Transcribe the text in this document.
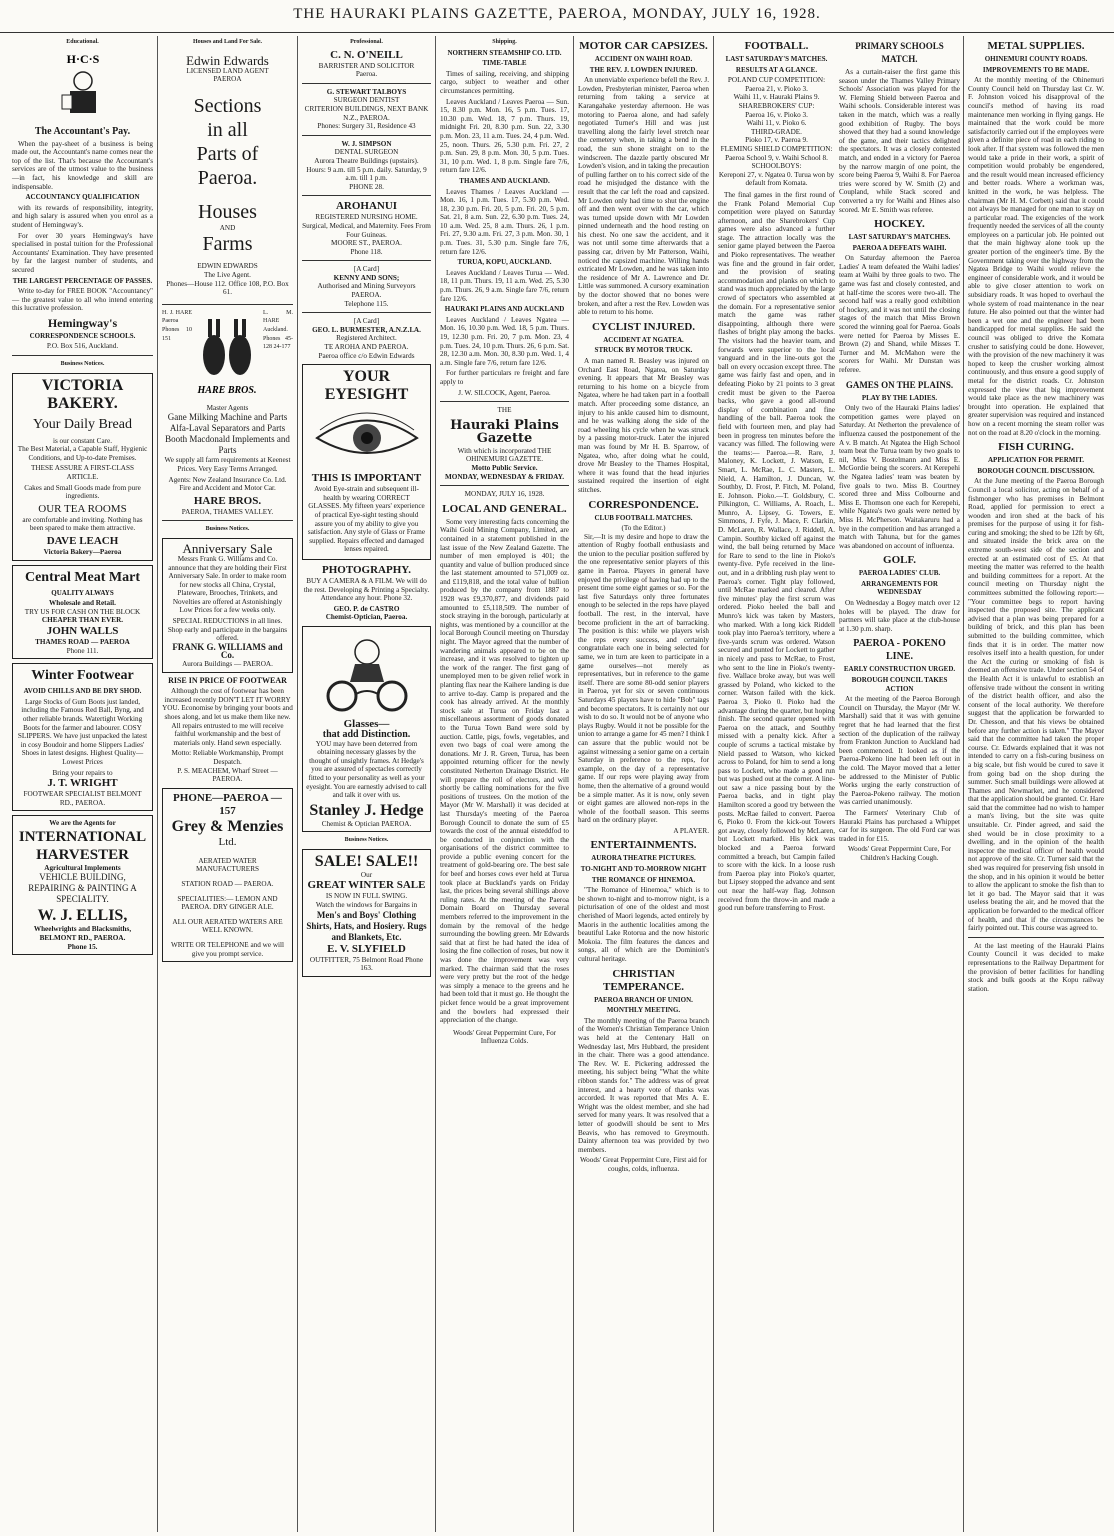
THE HAURAKI PLAINS GAZETTE, PAEROA, MONDAY, JULY 16, 1928.
Educational.
H·C·S
The Accountant's Pay.

When the pay-sheet of a business is being made out, the Accountant's name comes near the top of the list. That's because the Accountant's services are of the utmost value to the business—in fact, his knowledge and skill are indispensable.

ACCOUNTANCY QUALIFICATION

with its rewards of responsibility, integrity, and high salary is assured when you enrol as a student of Hemingway's.

For over 30 years Hemingway's have specialised in postal tuition for the Professional Accountants' Examination. They have presented by far the largest number of students, and secured

THE LARGEST PERCENTAGE OF PASSES.

Write to-day for FREE BOOK "Accountancy" — the greatest value to all who intend entering this lucrative profession.

Hemingway's
CORRESPONDENCE SCHOOLS.
P.O. Box 516, Auckland.
Business Notices.
VICTORIA BAKERY.
Your Daily Bread
is our constant Care.

The Best Material, a Capable Staff, Hygienic Conditions, and Up-to-date Premises.

THESE ASSURE A FIRST-CLASS ARTICLE.

Cakes and Small Goods made from pure ingredients.

OUR TEA ROOMS

are comfortable and inviting. Nothing has been spared to make them attractive.

DAVE LEACH
Victoria Bakery—Paeroa
Central Meat Mart
QUALITY ALWAYS
Wholesale and Retail.
TRY US FOR CASH ON THE BLOCK
CHEAPER THAN EVER.
JOHN WALLS
THAMES ROAD — PAEROA
Phone 111.
Winter Footwear
AVOID CHILLS AND BE DRY SHOD.

Large Stocks of Gum Boots just landed, including the Famous Red Ball, Byng, and other reliable brands. Watertight Working Boots for the farmer and labourer. COSY SLIPPERS. We have just unpacked the latest in cosy Boudoir and home Slippers Ladies' Shoes in latest designs. Highest Quality—Lowest Prices

Bring your repairs to
J. T. WRIGHT
FOOTWEAR SPECIALIST BELMONT RD., PAEROA.
We are the Agents for
INTERNATIONAL HARVESTER
Agricultural Implements

VEHICLE BUILDING, REPAIRING & PAINTING A SPECIALITY.

W. J. ELLIS,
Wheelwrights and Blacksmiths,
BELMONT RD., PAEROA.
Phone 15.
Houses and Land For Sale.
Edwin Edwards
LICENSED LAND AGENT
PAEROA
Sections
in all
Parts of Paeroa.
Houses
AND
Farms
EDWIN EDWARDS
The Live Agent.
Phones—House 112. Office 108, P.O. Box 61.
H. J. HARE Paeroa Phones 10 151
HARE BROS.
L. M. HARE Auckland. Phones 45-128 24-177
Master Agents
Gane Milking Machine and Parts
Alfa-Laval Separators and Parts
Booth Macdonald Implements and Parts

We supply all farm requirements at Keenest Prices. Very Easy Terms Arranged.

Agents: New Zealand Insurance Co. Ltd. Fire and Accident and Motor Car.

HARE BROS.
PAEROA, THAMES VALLEY.
Business Notices.
Anniversary Sale

Messrs Frank G. Williams and Co. announce that they are holding their First Anniversary Sale. In order to make room for new stocks all China, Crystal, Plateware, Brooches, Trinkets, and Novelties are offered at Astonishingly Low Prices for a few weeks only.

SPECIAL REDUCTIONS in all lines.
Shop early and participate in the bargains offered.
FRANK G. WILLIAMS and Co.
Aurora Buildings — PAEROA.
RISE IN PRICE OF FOOTWEAR

Although the cost of footwear has been increased recently DON'T LET IT WORRY YOU. Economise by bringing your boots and shoes along, and let us make them like new. All repairs entrusted to me will receive faithful workmanship and the best of materials only. Hand sewn especially.

Motto: Reliable Workmanship, Prompt Despatch.
P. S. MEACHEM, Wharf Street — PAEROA.
PHONE—PAEROA — 157
Grey & Menzies
Ltd.
AERATED WATER MANUFACTURERS
STATION ROAD — PAEROA.
SPECIALITIES:— LEMON AND PAEROA. DRY GINGER ALE.
ALL OUR AERATED WATERS ARE WELL KNOWN.
WRITE OR TELEPHONE and we will give you prompt service.
Professional.
C. N. O'NEILL
BARRISTER AND SOLICITOR
Paeroa.
G. STEWART TALBOYS
SURGEON DENTIST
CRITERION BUILDINGS, NEXT BANK N.Z., PAEROA.
Phones: Surgery 31, Residence 43
W. J. SIMPSON
DENTAL SURGEON
Aurora Theatre Buildings (upstairs).
Hours: 9 a.m. till 5 p.m. daily. Saturday, 9 a.m. till 1 p.m.
PHONE 28.
AROHANUI
REGISTERED NURSING HOME.
Surgical, Medical, and Maternity. Fees From Four Guineas.
MOORE ST., PAEROA.
Phone 118.
[A Card]
KENNY AND SONS;
Authorised and Mining Surveyors PAEROA.
Telephone 115.
[A Card]
GEO. L. BURMESTER, A.N.Z.I.A.
Registered Architect.
TE AROHA AND PAEROA.
Paeroa office c/o Edwin Edwards
YOUR EYESIGHT
THIS IS IMPORTANT

Avoid Eye-strain and subsequent ill-health by wearing CORRECT GLASSES. My fifteen years' experience of practical Eye-sight testing should assure you of my ability to give you satisfaction. Any style of Glass or Frame supplied. Repairs effected and damaged lenses repaired.

PHOTOGRAPHY.

BUY A CAMERA & A FILM. We will do the rest. Developing & Printing a Specialty. Attendance any hour. Phone 32.

GEO. P. de CASTRO
Chemist-Optician, Paeroa.
Glasses—
that add Distinction.

YOU may have been deterred from obtaining necessary glasses by the thought of unsightly frames. At Hedge's you are assured of spectacles correctly fitted to your personality as well as your eyesight. You are earnestly advised to call and talk it over with us.

Stanley J. Hedge
Chemist & Optician PAEROA.
Business Notices.
SALE! SALE!!
Our
GREAT WINTER SALE
IS NOW IN FULL SWING.
Watch the windows for Bargains in
Men's and Boys' Clothing Shirts, Hats, and Hosiery. Rugs and Blankets, Etc.
E. V. SLYFIELD
OUTFITTER, 75 Belmont Road Phone 163.
Shipping.
NORTHERN STEAMSHIP CO. LTD.
TIME-TABLE

Times of sailing, receiving, and shipping cargo, subject to weather and other circumstances permitting.

Leaves Auckland / Leaves Paeroa — Sun. 15, 8.30 p.m. Mon. 16, 5 p.m. Tues. 17, 10.30 p.m. Wed. 18, 7 p.m. Thurs. 19, midnight Fri. 20, 8.30 p.m. Sun. 22, 3.30 p.m. Mon. 23, 11 a.m. Tues. 24, 4 p.m. Wed. 25, noon. Thurs. 26, 5.30 p.m. Fri. 27, 2 p.m. Sun. 29, 8 p.m. Mon. 30, 5 p.m. Tues. 31, 10 p.m. Wed. 1, 8 p.m. Single fare 7/6, return fare 12/6.

THAMES AND AUCKLAND.

Leaves Thames / Leaves Auckland — Mon. 16, 1 p.m. Tues. 17, 5.30 p.m. Wed. 18, 2.30 p.m. Fri. 20, 5 p.m. Fri. 20, 5 p.m. Sat. 21, 8 a.m. Sun. 22, 6.30 p.m. Tues. 24, 10 a.m. Wed. 25, 8 a.m. Thurs. 26, 1 p.m. Fri. 27, 9.30 a.m. Fri. 27, 3 p.m. Mon. 30, 1 p.m. Tues. 31, 5.30 p.m. Single fare 7/6, return fare 12/6.

TURUA, KOPU, AUCKLAND.

Leaves Auckland / Leaves Turua — Wed. 18, 11 p.m. Thurs. 19, 11 a.m. Wed. 25, 5.30 p.m. Thurs. 26, 9 a.m. Single fare 7/6, return fare 12/6.

HAURAKI PLAINS AND AUCKLAND

Leaves Auckland / Leaves Ngatea — Mon. 16, 10.30 p.m. Wed. 18, 5 p.m. Thurs. 19, 12.30 p.m. Fri. 20, 7 p.m. Mon. 23, 4 p.m. Tues. 24, 10 p.m. Thurs. 26, 6 p.m. Sat. 28, 12.30 a.m. Mon. 30, 8.30 p.m. Wed. 1, 4 a.m. Single fare 7/6, return fare 12/6.

For further particulars re freight and fare apply to

J. W. SILCOCK, Agent, Paeroa.
THE
Hauraki Plains Gazette
With which is incorporated THE OHINEMURI GAZETTE.
Motto Public Service.
MONDAY, WEDNESDAY & FRIDAY.
MONDAY, JULY 16, 1928.
LOCAL AND GENERAL.

Some very interesting facts concerning the Waihi Gold Mining Company, Limited, are contained in a statement published in the last issue of the New Zealand Gazette. The number of men employed is 401; the quantity and value of bullion produced since the last statement amounted to 571,009 oz. and £119,818, and the total value of bullion produced by the company from 1887 to 1928 was £9,370,877, and dividends paid amounted to £5,118,509. The number of stock straying in the borough, particularly at nights, was mentioned by a councillor at the local Borough Council meeting on Thursday night. The Mayor agreed that the number of wandering animals appeared to be on the increase, and it was resolved to tighten up the work of the ranger. The first gang of unemployed men to be given relief work in planting flax near the Kaihere landing is due to arrive to-day. Camp is prepared and the cook has already arrived. At the monthly stock sale at Turua on Friday last a miscellaneous assortment of goods donated to the Turua Town Band were sold by auction. Cattle, pigs, fowls, vegetables, and even two bags of coal were among the donations. Mr J. R. Green, Turua, has been appointed returning officer for the newly constituted Netherton Drainage District. He will prepare the roll of electors, and will shortly be calling nominations for the five positions of trustees. On the motion of the Mayor (Mr W. Marshall) it was decided at last Thursday's meeting of the Paeroa Borough Council to donate the sum of £5 towards the cost of the annual eisteddfod to be conducted in conjunction with the organisations of the district committee to provide a public evening concert for the treatment of gold-bearing ore. The best sale for beef and horses cows ever held at Turua took place at Buckland's yards on Friday last, the prices being several shillings above ruling rates. At the meeting of the Paeroa Domain Board on Thursday several members referred to the improvement in the domain by the removal of the hedge surrounding the bowling green. Mr Edwards said that at first he had hated the idea of losing the fine collection of roses, but now it was done the improvement was very marked. The chairman said that the roses were very pretty but the root of the hedge was simply a menace to the greens and he had been told that it must go. He thought the picket fence would be a great improvement and the bowlers had expressed their appreciation of the change.

Woods' Great Peppermint Cure, For Influenza Colds.
MOTOR CAR CAPSIZES.
ACCIDENT ON WAIHI ROAD.
THE REV. J. LOWDEN INJURED.

An unenviable experience befell the Rev. J. Lowden, Presbyterian minister, Paeroa when returning from taking a service at Karangahake yesterday afternoon. He was motoring to Paeroa alone, and had safely negotiated Turner's Hill and was just travelling along the fairly level stretch near the cemetery when, in taking a bend in the road, the sun shone straight on to the windscreen. The dazzle partly obscured Mr Lowden's vision, and in taking the precaution of pulling farther on to his correct side of the road he misjudged the distance with the result that the car left the road and capsized. Mr Lowden only had time to shut the engine off and then went over with the car, which was turned upside down with Mr Lowden pinned underneath and the hood resting on his chest. No one saw the accident, and it was not until some time afterwards that a passing car, driven by Mr Patterson, Waihi, noticed the capsized machine. Willing hands extricated Mr Lowden, and he was taken into the residence of Mr A. Lawrence and Dr. Little was summoned. A cursory examination by the doctor showed that no bones were broken, and after a rest the Rev. Lowden was able to return to his home.

CYCLIST INJURED.
ACCIDENT AT NGATEA.
STRUCK BY MOTOR TRUCK.

A man named R. Beasley was injured on Orchard East Road, Ngatea, on Saturday evening. It appears that Mr Beasley was returning to his home on a bicycle from Ngatea, where he had taken part in a football match. After proceeding some distance, an injury to his ankle caused him to dismount, and he was walking along the side of the road wheeling his cycle when he was struck by a passing motor-truck. Later the injured man was found by Mr H. B. Sparrow, of Ngatea, who, after doing what he could, drove Mr Beasley to the Thames Hospital, where it was found that the head injuries sustained required the insertion of eight stitches.

CORRESPONDENCE.
CLUB FOOTBALL MATCHES.
(To the Editor.)

Sir,—It is my desire and hope to draw the attention of Rugby football enthusiasts and the union to the peculiar position suffered by the one representative senior players of this game in Paeroa. Players in general have enjoyed the privilege of having had up to the present time some eight games or so. For the last five Saturdays only three fortunates enough to be selected in the reps have played football. The rest, in the interval, have become proficient in the art of barracking. The position is this: while we players wish the reps every success, and certainly congratulate each one in being selected for same, we in turn are keen to participate in a game ourselves—not merely as representatives, but in reference to the game itself. There are some 80-odd senior players in Paeroa, yet for six or seven continuous Saturdays 45 players have to hide "Bob" tags and become spectators. It is certainly not our wish to do so. It would not be of anyone who plays Rugby. Would it not be possible for the union to arrange a game for 45 men? I think I can assure that the public would not be against witnessing a senior game on a certain Saturday in preference to the reps, for example, on the day of a representative game. If our reps were playing away from home, then the alternative of a ground would be a simple matter. As it is now, only seven or eight games are allowed non-reps in the whole of the football season. This seems hard on the ordinary player.

A PLAYER.
ENTERTAINMENTS.
AURORA THEATRE PICTURES.
TO-NIGHT AND TO-MORROW NIGHT
THE ROMANCE OF HINEMOA.

"The Romance of Hinemoa," which is to be shown to-night and to-morrow night, is a picturisation of one of the oldest and most cherished of Maori legends, acted entirely by Maoris in the authentic localities among the beautiful Lake Rotorua and the now historic Mokoia. The film features the dances and songs, all of which are the Dominion's cultural heritage.

CHRISTIAN TEMPERANCE.
PAEROA BRANCH OF UNION.
MONTHLY MEETING.

The monthly meeting of the Paeroa branch of the Women's Christian Temperance Union was held at the Centenary Hall on Wednesday last, Mrs Hubbard, the president in the chair. There was a good attendance. The Rev. W. E. Pickering addressed the meeting, his subject being "What the white ribbon stands for." The address was of great interest, and a hearty vote of thanks was accorded. It was reported that Mrs A. E. Wright was the oldest member, and she had served for many years. It was resolved that a letter of goodwill should be sent to Mrs Beavis, who has removed to Greymouth. Dainty afternoon tea was provided by two members.

Woods' Great Peppermint Cure, First aid for coughs, colds, influenza.
FOOTBALL.
LAST SATURDAY'S MATCHES.
RESULTS AT A GLANCE.
POLAND CUP COMPETITION:
Paeroa 21, v. Pioko 3.
Waihi 11, v. Hauraki Plains 9.
SHAREBROKERS' CUP:
Paeroa 16, v. Pioko 3.
Waihi 11, v. Pioko 6.
THIRD-GRADE.
Pioko 17, v. Paeroa 9.
FLEMING SHIELD COMPETITION:
Paeroa School 9, v. Waihi School 8.
SCHOOLBOYS:
Kereponi 27, v. Ngatea 0. Turua won by default from Komata.

The final games in the first round of the Frank Poland Memorial Cup competition were played on Saturday afternoon, and the Sharebrokers' Cup games were also advanced a further stage. The attraction locally was the senior game played between the Paeroa and Pioko representatives. The weather was fine and the ground in fair order, and the provision of seating accommodation and planks on which to stand was much appreciated by the large crowd of spectators who assembled at the domain. For a representative senior match the game was rather disappointing, although there were flashes of bright play among the backs. The visitors had the heavier team, and forwards were superior to the local vanguard and in the line-outs got the ball on every occasion except three. The game was fairly fast and open, and in defeating Pioko by 21 points to 3 great credit must be given to the Paeroa backs, who gave a good all-round display of combination and fine handling of the ball. Paeroa took the field with fourteen men, and play had been in progress ten minutes before the vacancy was filled. The following were the teams:— Paeroa.—R. Rare, J. Maloney, K. Lockett, J. Watson, E. Smart, L. McRae, L. C. Masters, L. Nield, A. Hamilton, J. Duncan, W. Southby, D. Frost, P. Fitch, M. Poland, E. Johnson. Pioko.—T. Goldsbury, C. Pilkington, C. Williams, A. Roach, L. Munro, A. Lipsey, G. Towers, E. Simmons, J. Fyfe, J. Mace, F. Clarkin, D. McLaren, R. Wallace, J. Riddell, A. Campin. Southby kicked off against the wind, the ball being returned by Mace for Rare to send to the line in Pioko's twenty-five. Pyfe received in the line-out, and in a dribbling rush play went to Paeroa's corner. Tight play followed, until McRae marked and cleared. After five minutes' play the first scrum was ordered. Pioko heeled the ball and Munro's kick was taken by Masters, who marked. With a long kick Riddell took play into Paeroa's territory, where a five-yards scrum was ordered. Watson secured and punted for Lockett to gather in nicely and pass to McRae, to Frost, who sent to the line in Pioko's twenty-five. Wallace broke away, but was well grassed by Poland, who kicked to the corner. Watson failed with the kick. Paeroa 3, Pioko 0. Pioko had the advantage during the quarter, but hoping finish. The second quarter opened with Paeroa on the attack, and Southby missed with a penalty kick. After a couple of scrums a tactical mistake by Nield passed to Watson, who kicked across to Poland, for him to send a long pass to Lockett, who made a good run but was pushed out at the corner. A line-out saw a nice passing bout by the Paeroa backs, and in tight play Hamilton scored a good try between the posts. McRae failed to convert. Paeroa 6, Pioko 0. From the kick-out Towers got away, closely followed by McLaren, but Lockett marked. His kick was blocked and a Paeroa forward committed a breach, but Campin failed to score with the kick. In a loose rush from Paeroa play into Pioko's quarter, but Lipsey stopped the advance and sent out near the half-way flag. Johnson received from the throw-in and made a good run before transferring to Frost.

PRIMARY SCHOOLS MATCH.

As a curtain-raiser the first game this season under the Thames Valley Primary Schools' Association was played for the W. Fleming Shield between Paeroa and Waihi schools. Considerable interest was taken in the match, which was a really good exhibition of Rugby. The boys showed that they had a sound knowledge of the game, and their tactics delighted the spectators. It was a closely contested match, and ended in a victory for Paeroa by the narrow margin of one point, the score being Paeroa 9, Waihi 8. For Paeroa tries were scored by W. Smith (2) and Coupland, while Stack scored and converted a try for Waihi and Hines also scored. Mr E. Smith was referee.

HOCKEY.
LAST SATURDAY'S MATCHES.
PAEROA A DEFEATS WAIHI.

On Saturday afternoon the Paeroa Ladies' A team defeated the Waihi ladies' team at Waihi by three goals to two. The game was fast and closely contested, and at half-time the scores were two-all. The second half was a really good exhibition of hockey, and it was not until the closing stages of the match that Miss Brown scored the winning goal for Paeroa. Goals were netted for Paeroa by Misses E. Brown (2) and Shand, while Misses T. Turner and M. McMahon were the scorers for Waihi. Mr Dunstan was referee.

GAMES ON THE PLAINS.
PLAY BY THE LADIES.

Only two of the Hauraki Plains ladies' competition games were played on Saturday. At Netherton the prevalence of influenza caused the postponement of the A v. B match. At Ngatea the High School team beat the Turua team by two goals to nil, Miss V. Bostelmann and Miss E. McGordie being the scorers. At Kerepehi the Ngatea ladies' team was beaten by five goals to two. Miss B. Courtney scored three and Miss Colbourne and Miss E. Thomson one each for Kerepehi, while Ngatea's two goals were netted by Miss H. McPherson. Waitakaruru had a bye in the competition and has arranged a match with Tahuna, but for the games was abandoned on account of influenza.

GOLF.
PAEROA LADIES' CLUB.
ARRANGEMENTS FOR WEDNESDAY

On Wednesday a Bogey match over 12 holes will be played. The draw for partners will take place at the club-house at 1.30 p.m. sharp.

PAEROA - POKENO LINE.
EARLY CONSTRUCTION URGED.
BOROUGH COUNCIL TAKES ACTION

At the meeting of the Paeroa Borough Council on Thursday, the Mayor (Mr W. Marshall) said that it was with genuine regret that he had learned that the first section of the duplication of the railway from Frankton Junction to Auckland had been commenced. It looked as if the Paeroa-Pokeno line had been left out in the cold. The Mayor moved that a letter be addressed to the Minister of Public Works urging the early construction of the Paeroa-Pokeno railway. The motion was carried unanimously.

The Farmers' Veterinary Club of Hauraki Plains has purchased a Whippet car for its surgeon. The old Ford car was traded in for £15.

Woods' Great Peppermint Cure, For Children's Hacking Cough.
METAL SUPPLIES.
OHINEMURI COUNTY ROADS.
IMPROVEMENTS TO BE MADE.

At the monthly meeting of the Ohinemuri County Council held on Thursday last Cr. W. F. Johnston voiced his disapproval of the council's method of having its road maintenance men working in flying gangs. He maintained that the work could be more satisfactorily carried out if the employees were given a definite piece of road in each riding to look after. If that system was followed the men would take a pride in their work, a spirit of competition would probably be engendered, and the result would mean increased efficiency and better roads. Where a workman was, knitted in the work, he was helpless. The chairman (Mr H. M. Corbett) said that it could not always be managed for one man to stay on a particular road. The exigencies of the work frequently needed the services of all the county employees on a particular job. He pointed out that the main highway alone took up the greater portion of the engineer's time. By the Government taking over the highway from the Ngatea Bridge to Waihi would relieve the engineer of considerable work, and it would be able to give closer attention to work on subsidiary roads. It was hoped to overhaul the whole system of road maintenance in the near future. He also pointed out that the winter had been a wet one and the engineer had been handicapped for metal supplies. He said the council was obliged to drive the Komata crusher to satisfying could be done. However, with the provision of the new machinery it was hoped to keep the crusher working almost continuously, and thus ensure a good supply of metal for the district roads. Cr. Johnston expressed the view that big improvement would take place as the new machinery was brought into operation. He explained that greater supervision was required and instanced how on a recent morning the steam roller was not on the road at 8.20 o'clock in the morning.

FISH CURING.
APPLICATION FOR PERMIT.
BOROUGH COUNCIL DISCUSSION.

At the June meeting of the Paeroa Borough Council a local solicitor, acting on behalf of a fishmonger who has premises in Belmont Road, applied for permission to erect a wooden and iron shed at the back of his premises for the purpose of using it for fish-curing and smoking; the shed to be 12ft by 6ft, and situated inside the brick area on the extreme south-west side of the section and erected at an estimated cost of £5. At that meeting the matter was referred to the health and building committees for a report. At the council meeting on Thursday night the committees submitted the following report:— "Your committee begs to report having inspected the proposed site. The applicant advised that a plan was being prepared for a building of brick, and this plan has been submitted to the building committee, which finds that it is in order. The matter now resolves itself into a health question, for under the Act the curing or smoking of fish is deemed an offensive trade. Under section 54 of the Health Act it is unlawful to establish an offensive trade without the consent in writing of the district health officer, and also the consent of the local authority. We therefore suggest that the application be forwarded to Dr. Chesson, and that his views be obtained before any further action is taken." The Mayor said that the committee had taken the proper course. Cr. Edwards explained that it was not intended to carry on a fish-curing business on a big scale, but fish would be cured to save it from going bad on the shop during the summer. Such small buildings were allowed at Thames and Newmarket, and he considered that the application should be granted. Cr. Hare said that the committee had no wish to hamper a man's living, but the site was quite unsuitable. Cr. Pinder agreed, and said the shed would be in close proximity to a dwelling, and in the opinion of the health inspector the medical officer of health would not approve of the site. Cr. Turner said that the shed was required for preserving fish unsold in the shop, and in his opinion it would be better to allow the applicant to smoke the fish than to let it go bad. The Mayor said that it was useless beating the air, and he moved that the application be forwarded to the medical officer of health, and that if the circumstances be fairly pointed out. This course was agreed to.

At the last meeting of the Hauraki Plains County Council it was decided to make representations to the Railway Department for the provision of better facilities for handling stock and bulk goods at the Kopu railway station.
